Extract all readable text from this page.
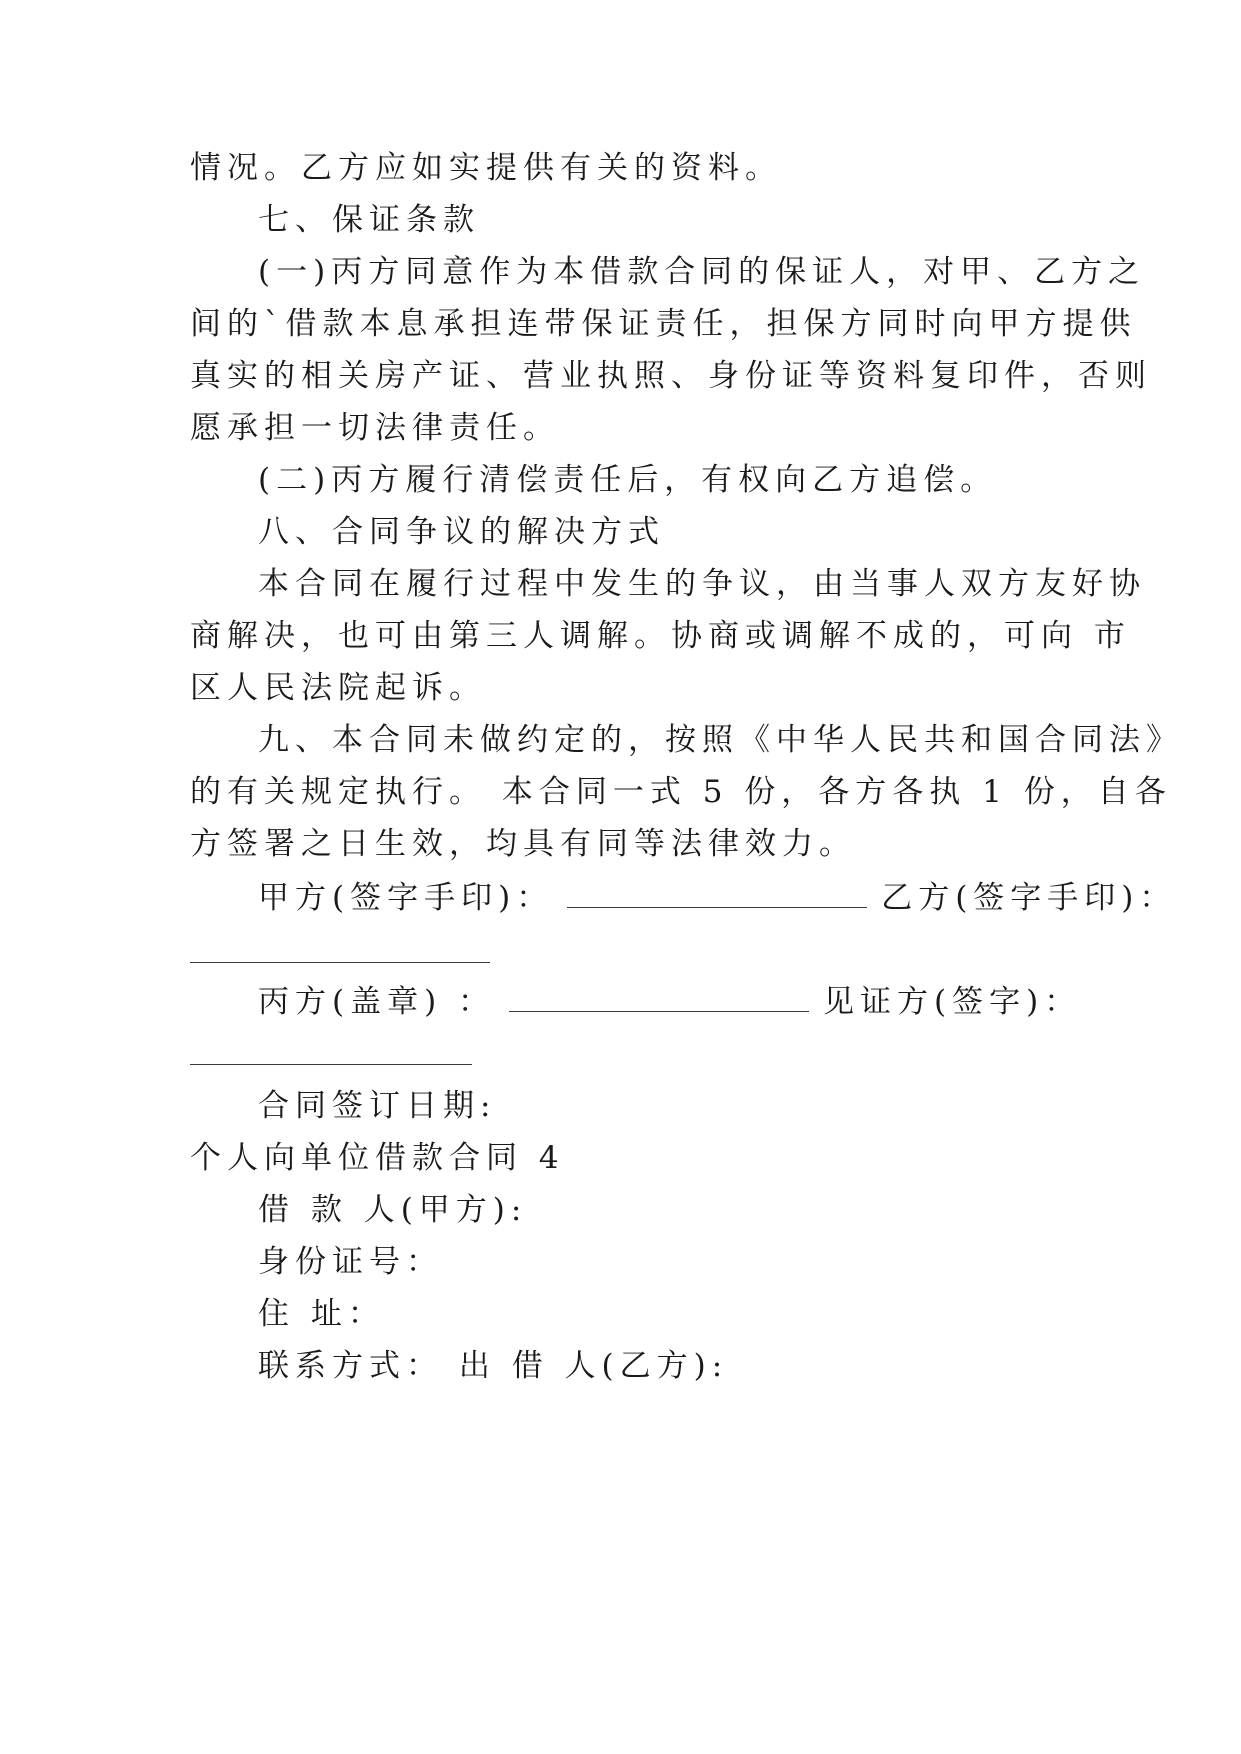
情况。乙方应如实提供有关的资料。
七、保证条款
(一)丙方同意作为本借款合同的保证人，对甲、乙方之
间的`借款本息承担连带保证责任，担保方同时向甲方提供
真实的相关房产证、营业执照、身份证等资料复印件，否则
愿承担一切法律责任。
(二)丙方履行清偿责任后，有权向乙方追偿。
八、合同争议的解决方式
本合同在履行过程中发生的争议，由当事人双方友好协
商解决，也可由第三人调解。协商或调解不成的，可向 市
区人民法院起诉。
九、本合同未做约定的，按照《中华人民共和国合同法》
的有关规定执行。 本合同一式 5 份，各方各执 1 份，自各
方签署之日生效，均具有同等法律效力。
甲方(签字手印)：	乙方(签字手印)：
丙方(盖章) ：	见证方(签字)：
合同签订日期:
个人向单位借款合同 4
借 款 人(甲方):
身份证号：
住 址：
联系方式： 出 借 人(乙方):
